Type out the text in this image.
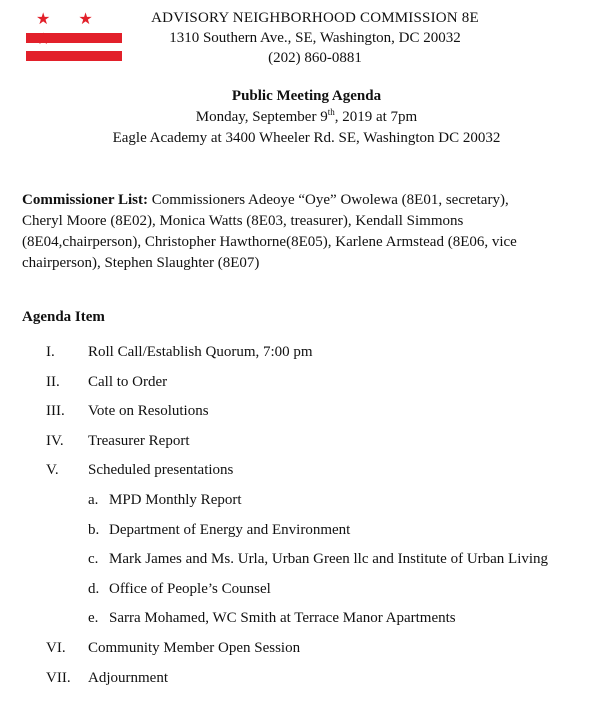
★ ★	ADVISORY NEIGHBORHOOD COMMISSION 8E
1310 Southern Ave., SE, Washington, DC 20032
(202) 860-0881
Public Meeting Agenda
Monday, September 9th, 2019 at 7pm
Eagle Academy at 3400 Wheeler Rd. SE, Washington DC 20032
Commissioner List: Commissioners Adeoye “Oye” Owolewa (8E01, secretary),
Cheryl Moore (8E02), Monica Watts (8E03, treasurer), Kendall Simmons
(8E04,chairperson), Christopher Hawthorne(8E05), Karlene Armstead (8E06, vice
chairperson), Stephen Slaughter (8E07)
Agenda Item
I. Roll Call/Establish Quorum, 7:00 pm
II. Call to Order
III. Vote on Resolutions
IV. Treasurer Report
V. Scheduled presentations
a. MPD Monthly Report
b. Department of Energy and Environment
c. Mark James and Ms. Urla, Urban Green llc and Institute of Urban Living
d. Office of People’s Counsel
e. Sarra Mohamed, WC Smith at Terrace Manor Apartments
VI. Community Member Open Session
VII. Adjournment
